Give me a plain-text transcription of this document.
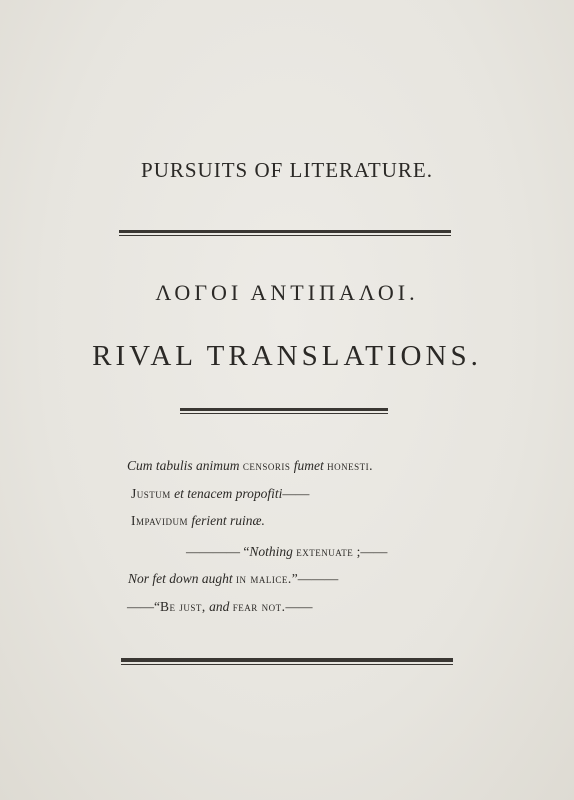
PURSUITS OF LITERATURE.
ΛΟΓΟΙ ΑΝΤΙΠΑΛΟΙ.
RIVAL TRANSLATIONS.
Cum tabulis animum censoris fumet honesti.
Justum et tenacem propofiti——
Impavidum ferient ruinæ.
———— “Nothing extenuate ;——
Nor fet down aught in malice.”———
——“Be just, and fear not.——
